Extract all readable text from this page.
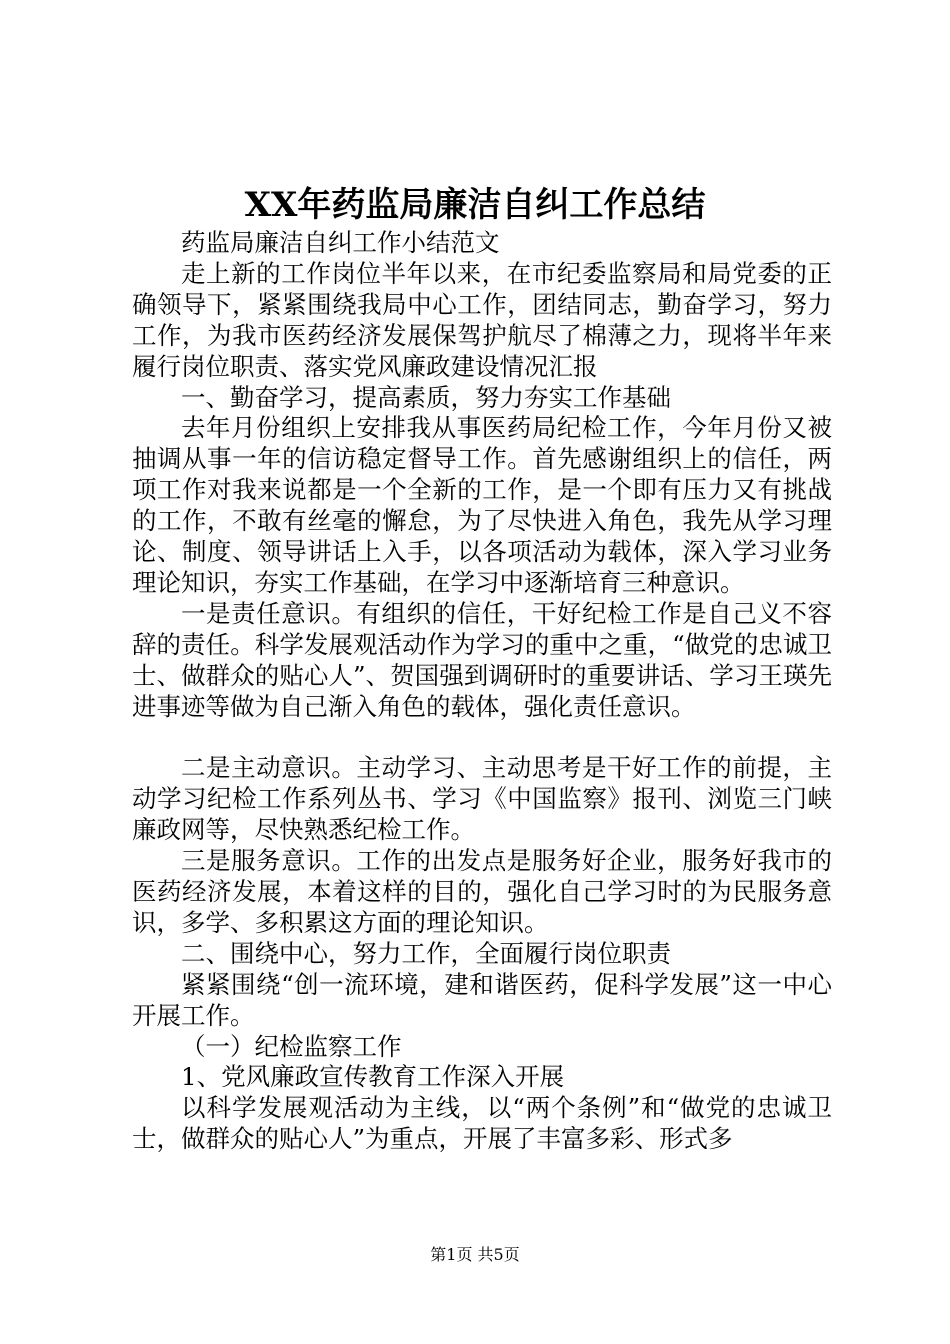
XX年药监局廉洁自纠工作总结

药监局廉洁自纠工作小结范文

走上新的工作岗位半年以来，在市纪委监察局和局党委的正确领导下，紧紧围绕我局中心工作，团结同志，勤奋学习，努力工作，为我市医药经济发展保驾护航尽了棉薄之力，现将半年来履行岗位职责、落实党风廉政建设情况汇报

一、勤奋学习，提高素质，努力夯实工作基础

去年月份组织上安排我从事医药局纪检工作，今年月份又被抽调从事一年的信访稳定督导工作。首先感谢组织上的信任，两项工作对我来说都是一个全新的工作，是一个即有压力又有挑战的工作，不敢有丝毫的懈怠，为了尽快进入角色，我先从学习理论、制度、领导讲话上入手，以各项活动为载体，深入学习业务理论知识，夯实工作基础，在学习中逐渐培育三种意识。

一是责任意识。有组织的信任，干好纪检工作是自己义不容辞的责任。科学发展观活动作为学习的重中之重，“做党的忠诚卫士、做群众的贴心人”、贺国强到调研时的重要讲话、学习王瑛先进事迹等做为自己渐入角色的载体，强化责任意识。

二是主动意识。主动学习、主动思考是干好工作的前提，主动学习纪检工作系列丛书、学习《中国监察》报刊、浏览三门峡廉政网等，尽快熟悉纪检工作。

三是服务意识。工作的出发点是服务好企业，服务好我市的医药经济发展，本着这样的目的，强化自己学习时的为民服务意识，多学、多积累这方面的理论知识。

二、围绕中心，努力工作，全面履行岗位职责

紧紧围绕“创一流环境，建和谐医药，促科学发展”这一中心开展工作。

（一）纪检监察工作

1、党风廉政宣传教育工作深入开展

以科学发展观活动为主线，以“两个条例”和“做党的忠诚卫士，做群众的贴心人”为重点，开展了丰富多彩、形式多

第1页 共5页
